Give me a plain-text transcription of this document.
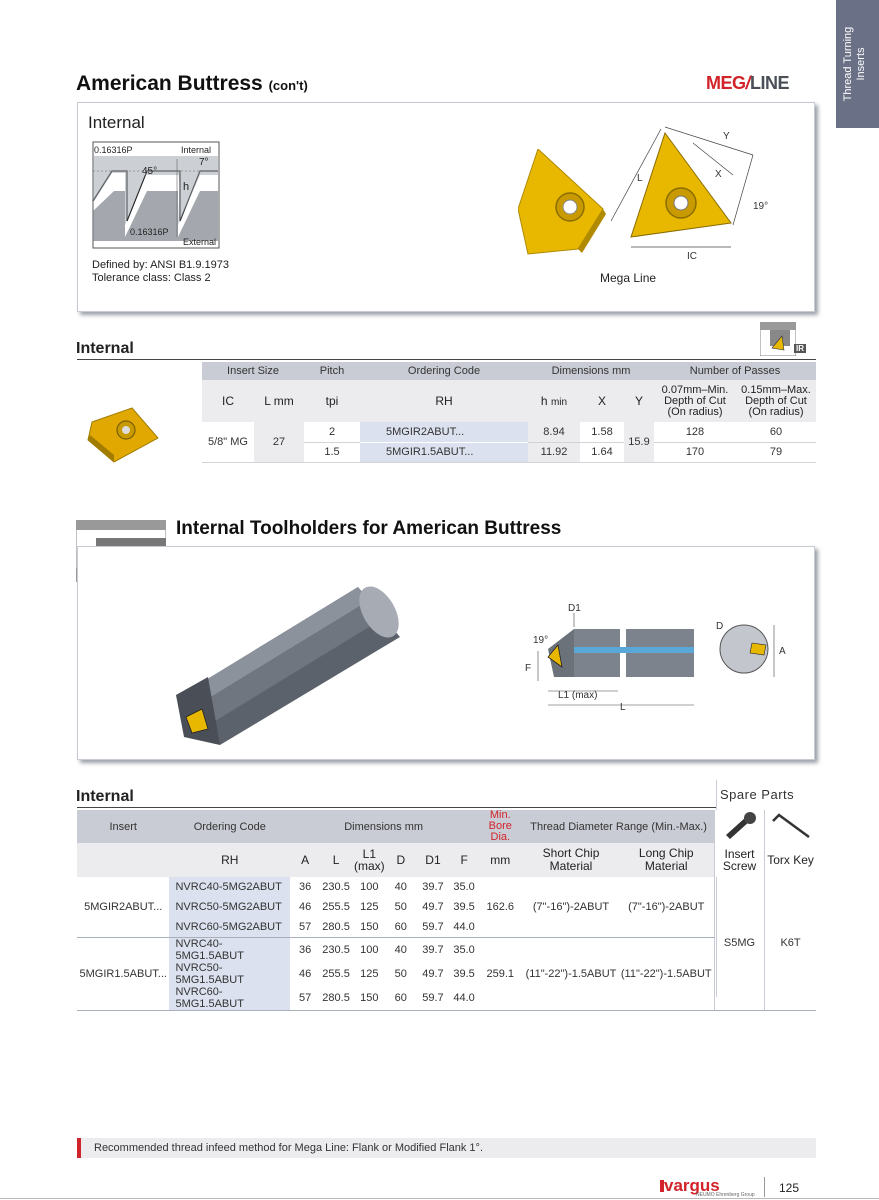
Thread Turning Inserts
American Buttress (con't)	MEG/LINE
Internal
0.16316P
45°
Internal
7°
h
0.16316P
External
Defined by: ANSI B1.9.1973
Tolerance class: Class 2
Y
X
L
19°
IC
Mega Line
Internal	IR
Insert Size		Pitch	Ordering Code	Dimensions mm			Number of Passes	
IC	L mm	tpi	RH	h min	X	Y	0.07mm–Min. Depth of Cut (On radius)	0.15mm–Max. Depth of Cut (On radius)
5/8" MG	27	2	5MGIR2ABUT...	8.94	1.58	15.9	128	60
		1.5	5MGIR1.5ABUT...	11.92	1.64		170	79
Internal Toolholders for American Buttress
D1
19°
F
L1 (max)
L
D
A
Internal	Spare Parts
Insert	Ordering Code	Dimensions mm						Min. Bore Dia.	Thread Diameter Range (Min.-Max.)		
	RH	A	L	L1 (max)	D	D1	F	mm	Short Chip Material	Long Chip Material	Insert Screw	Torx Key
5MGIR2ABUT...	NVRC40-5MG2ABUT	36	230.5	100	40	39.7	35.0	162.6	(7"-16")-2ABUT	(7"-16")-2ABUT	S5MG	K6T
	NVRC50-5MG2ABUT	46	255.5	125	50	49.7	39.5					
	NVRC60-5MG2ABUT	57	280.5	150	60	59.7	44.0					
5MGIR1.5ABUT...	NVRC40-5MG1.5ABUT	36	230.5	100	40	39.7	35.0	259.1	(11"-22")-1.5ABUT	(11"-22")-1.5ABUT		
	NVRC50-5MG1.5ABUT	46	255.5	125	50	49.7	39.5					
	NVRC60-5MG1.5ABUT	57	280.5	150	60	59.7	44.0					
Recommended thread infeed method for Mega Line: Flank or Modified Flank 1°.
vargus
NEUMO Ehrenberg Group 125
